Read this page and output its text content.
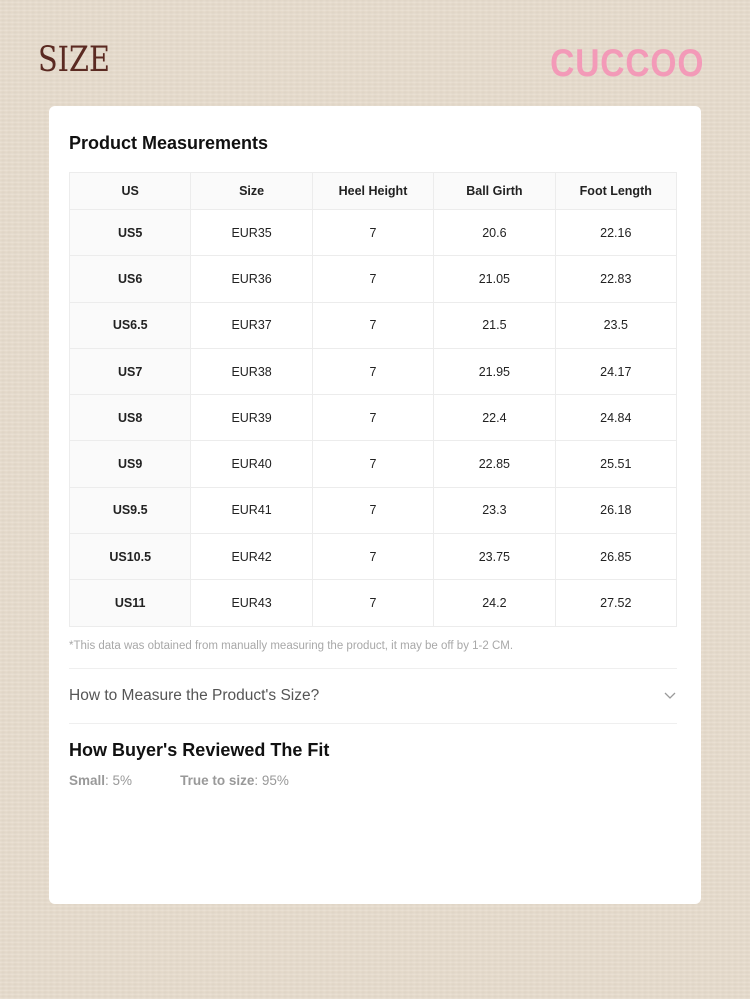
SIZE	CUCCOO
Product Measurements
US	Size	Heel Height	Ball Girth	Foot Length
US5	EUR35	7	20.6	22.16
US6	EUR36	7	21.05	22.83
US6.5	EUR37	7	21.5	23.5
US7	EUR38	7	21.95	24.17
US8	EUR39	7	22.4	24.84
US9	EUR40	7	22.85	25.51
US9.5	EUR41	7	23.3	26.18
US10.5	EUR42	7	23.75	26.85
US11	EUR43	7	24.2	27.52
*This data was obtained from manually measuring the product, it may be off by 1-2 CM.
How to Measure the Product's Size?
How Buyer's Reviewed The Fit
Small: 5%	True to size: 95%
